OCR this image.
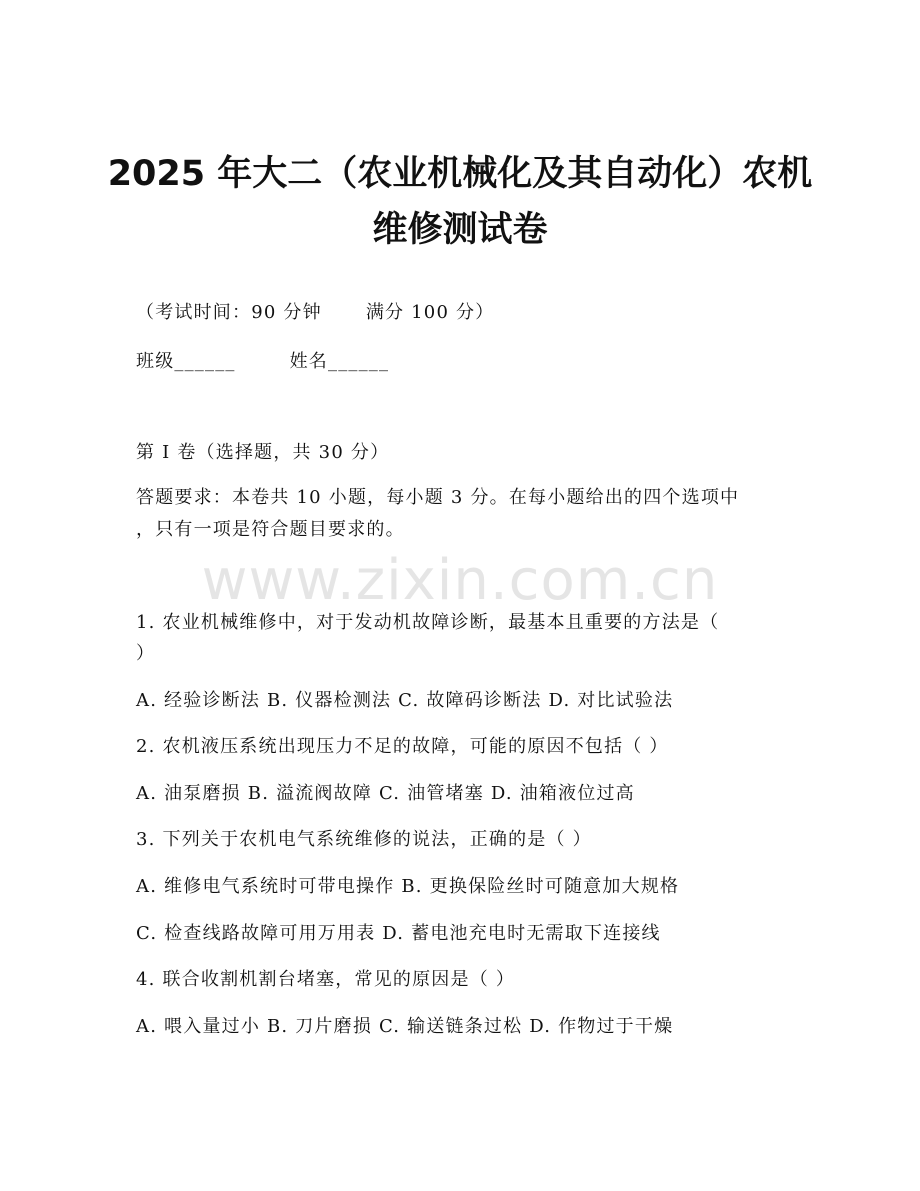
2025 年大二（农业机械化及其自动化）农机
维修测试卷
（考试时间：90 分钟 满分 100 分）
班级______	姓名______
第 I 卷（选择题，共 30 分）
答题要求：本卷共 10 小题，每小题 3 分。在每小题给出的四个选项中
，只有一项是符合题目要求的。
www.zixin.com.cn
1. 农业机械维修中，对于发动机故障诊断，最基本且重要的方法是（
）
A. 经验诊断法 B. 仪器检测法 C. 故障码诊断法 D. 对比试验法
2. 农机液压系统出现压力不足的故障，可能的原因不包括（ ）
A. 油泵磨损 B. 溢流阀故障 C. 油管堵塞 D. 油箱液位过高
3. 下列关于农机电气系统维修的说法，正确的是（ ）
A. 维修电气系统时可带电操作 B. 更换保险丝时可随意加大规格
C. 检查线路故障可用万用表 D. 蓄电池充电时无需取下连接线
4. 联合收割机割台堵塞，常见的原因是（ ）
A. 喂入量过小 B. 刀片磨损 C. 输送链条过松 D. 作物过于干燥
